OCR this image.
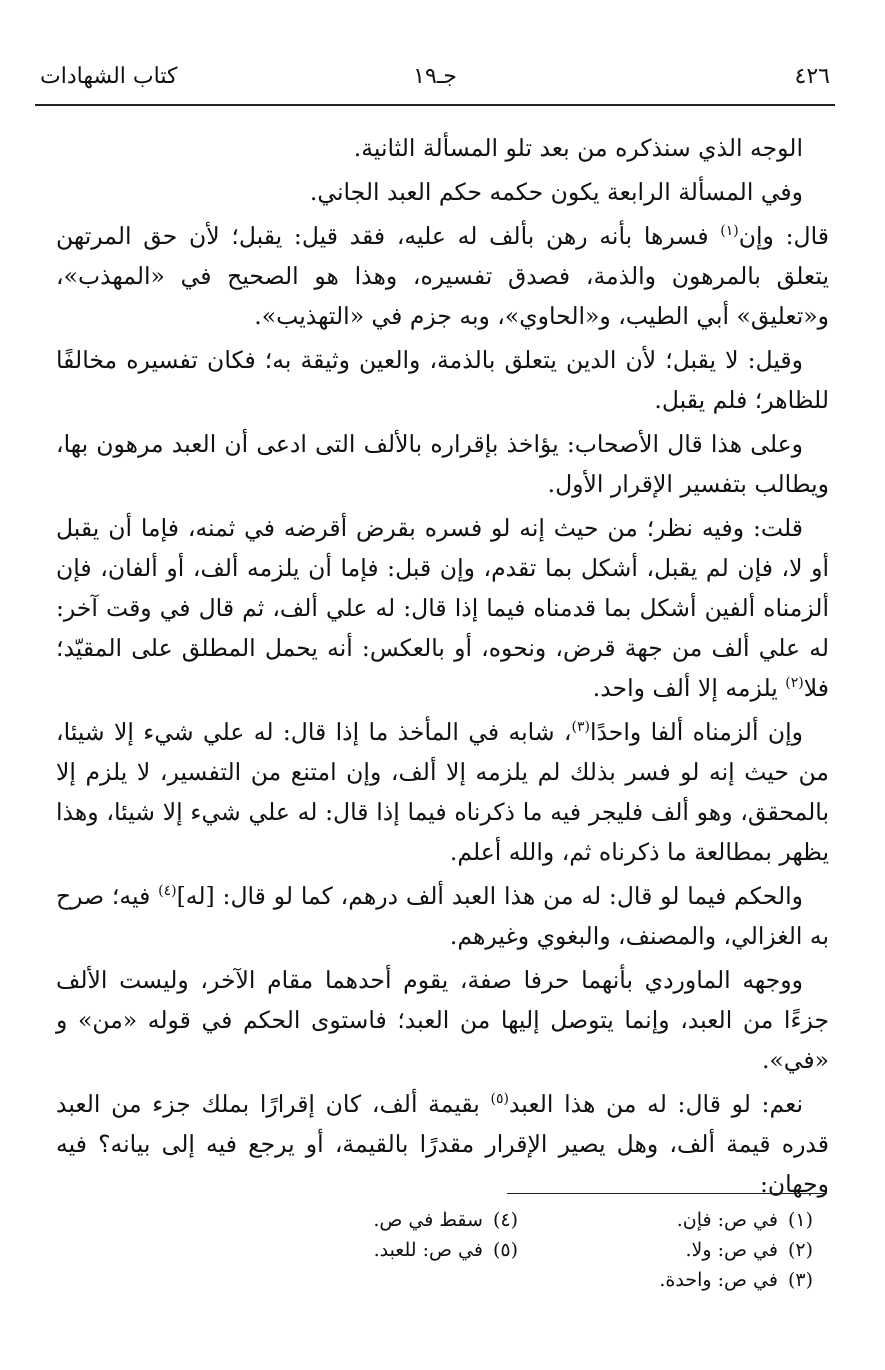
٤٢٦
جـ١٩
كتاب الشهادات

الوجه الذي سنذكره من بعد تلو المسألة الثانية.

وفي المسألة الرابعة يكون حكمه حكم العبد الجاني.

قال: وإن$^{(١)}$ فسرها بأنه رهن بألف له عليه، فقد قيل: يقبل؛ لأن حق المرتهن يتعلق بالمرهون والذمة، فصدق تفسيره، وهذا هو الصحيح في «المهذب»، و«تعليق» أبي الطيب، و«الحاوي»، وبه جزم في «التهذيب».

وقيل: لا يقبل؛ لأن الدين يتعلق بالذمة، والعين وثيقة به؛ فكان تفسيره مخالفًا للظاهر؛ فلم يقبل.

وعلى هذا قال الأصحاب: يؤاخذ بإقراره بالألف التى ادعى أن العبد مرهون بها، ويطالب بتفسير الإقرار الأول.

قلت: وفيه نظر؛ من حيث إنه لو فسره بقرض أقرضه في ثمنه، فإما أن يقبل أو لا، فإن لم يقبل، أشكل بما تقدم، وإن قبل: فإما أن يلزمه ألف، أو ألفان، فإن ألزمناه ألفين أشكل بما قدمناه فيما إذا قال: له علي ألف، ثم قال في وقت آخر: له علي ألف من جهة قرض، ونحوه، أو بالعكس: أنه يحمل المطلق على المقيّد؛ فلا$^{(٢)}$ يلزمه إلا ألف واحد.

وإن ألزمناه ألفا واحدًا$^{(٣)}$، شابه في المأخذ ما إذا قال: له علي شيء إلا شيئا، من حيث إنه لو فسر بذلك لم يلزمه إلا ألف، وإن امتنع من التفسير، لا يلزم إلا بالمحقق، وهو ألف فليجر فيه ما ذكرناه فيما إذا قال: له علي شيء إلا شيئا، وهذا يظهر بمطالعة ما ذكرناه ثم، والله أعلم.

والحكم فيما لو قال: له من هذا العبد ألف درهم، كما لو قال: [له]$^{(٤)}$ فيه؛ صرح به الغزالي، والمصنف، والبغوي وغيرهم.

ووجهه الماوردي بأنهما حرفا صفة، يقوم أحدهما مقام الآخر، وليست الألف جزءًا من العبد، وإنما يتوصل إليها من العبد؛ فاستوى الحكم في قوله «من» و «في».

نعم: لو قال: له من هذا العبد$^{(٥)}$ بقيمة ألف، كان إقرارًا بملك جزء من العبد قدره قيمة ألف، وهل يصير الإقرار مقدرًا بالقيمة، أو يرجع فيه إلى بيانه؟ فيه وجهان:

(١)في ص: فإن.
(٢)في ص: ولا.
(٣)في ص: واحدة.
(٤)سقط في ص.
(٥)في ص: للعبد.
